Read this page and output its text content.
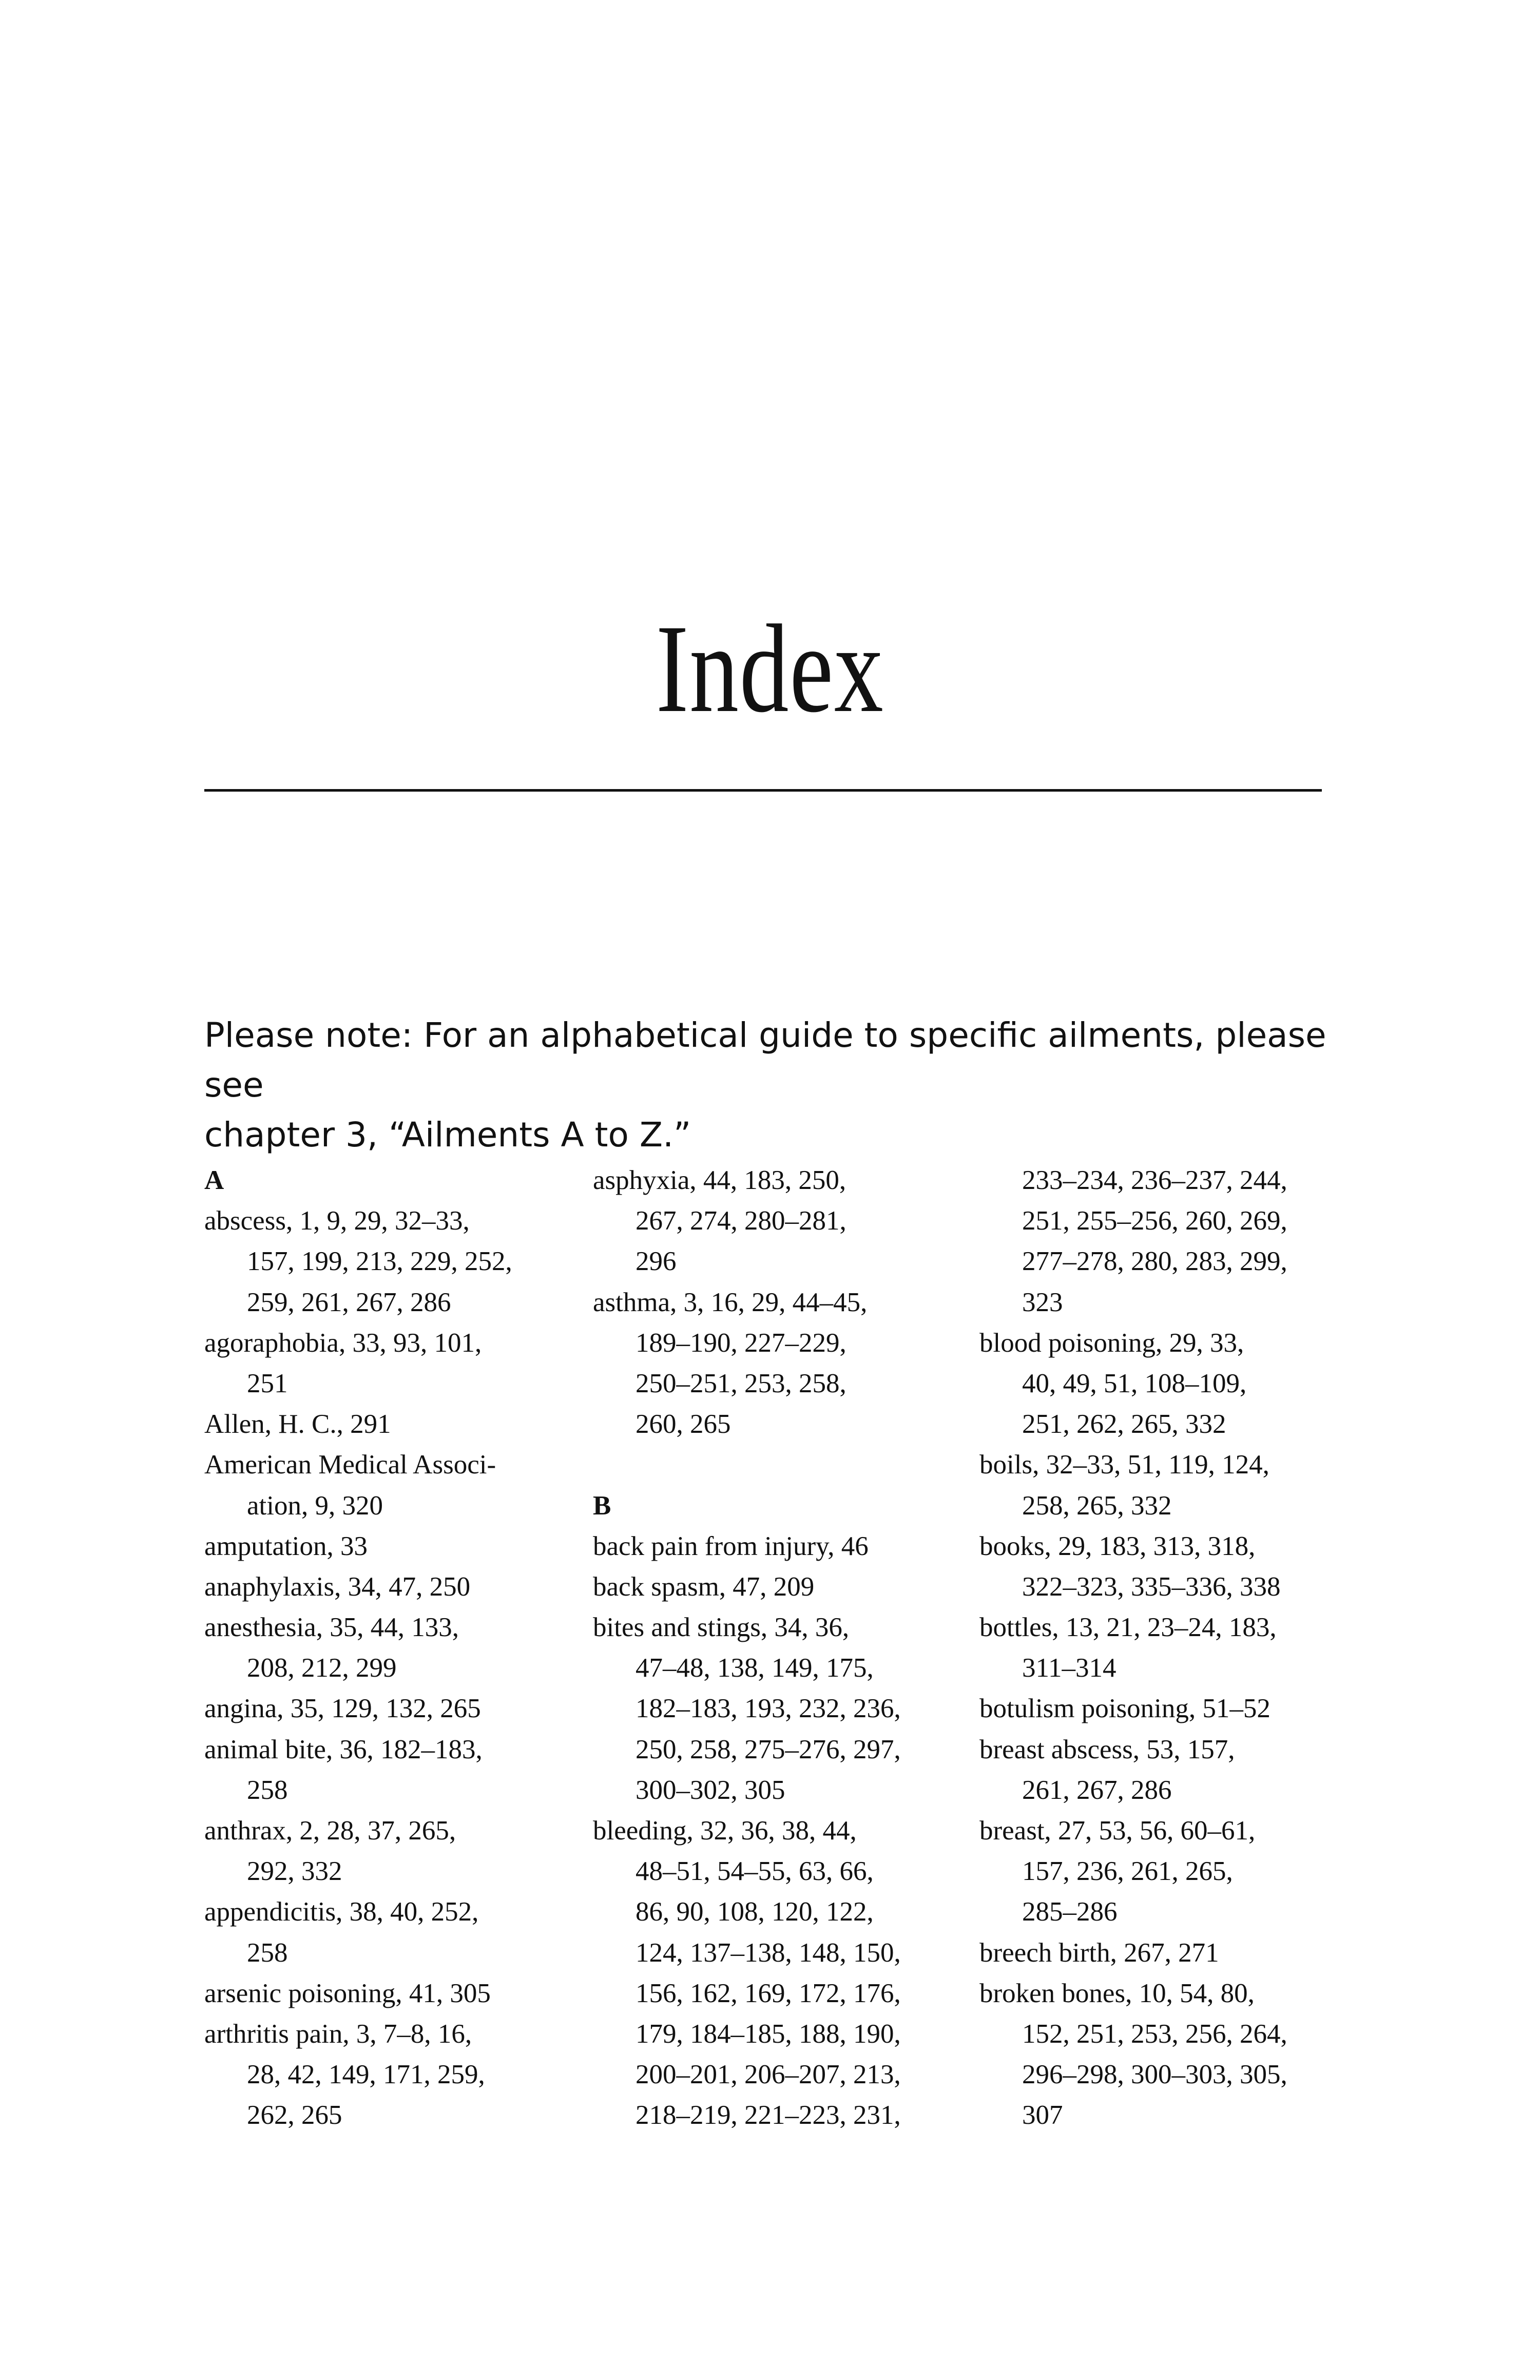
Index
Please note: For an alphabetical guide to specific ailments, please see
chapter 3, “Ailments A to Z.”
A
abscess, 1, 9, 29, 32–33,
157, 199, 213, 229, 252,
259, 261, 267, 286
agoraphobia, 33, 93, 101,
251
Allen, H. C., 291
American Medical Associ-
ation, 9, 320
amputation, 33
anaphylaxis, 34, 47, 250
anesthesia, 35, 44, 133,
208, 212, 299
angina, 35, 129, 132, 265
animal bite, 36, 182–183,
258
anthrax, 2, 28, 37, 265,
292, 332
appendicitis, 38, 40, 252,
258
arsenic poisoning, 41, 305
arthritis pain, 3, 7–8, 16,
28, 42, 149, 171, 259,
262, 265
asphyxia, 44, 183, 250,
267, 274, 280–281,
296
asthma, 3, 16, 29, 44–45,
189–190, 227–229,
250–251, 253, 258,
260, 265
B
back pain from injury, 46
back spasm, 47, 209
bites and stings, 34, 36,
47–48, 138, 149, 175,
182–183, 193, 232, 236,
250, 258, 275–276, 297,
300–302, 305
bleeding, 32, 36, 38, 44,
48–51, 54–55, 63, 66,
86, 90, 108, 120, 122,
124, 137–138, 148, 150,
156, 162, 169, 172, 176,
179, 184–185, 188, 190,
200–201, 206–207, 213,
218–219, 221–223, 231,
233–234, 236–237, 244,
251, 255–256, 260, 269,
277–278, 280, 283, 299,
323
blood poisoning, 29, 33,
40, 49, 51, 108–109,
251, 262, 265, 332
boils, 32–33, 51, 119, 124,
258, 265, 332
books, 29, 183, 313, 318,
322–323, 335–336, 338
bottles, 13, 21, 23–24, 183,
311–314
botulism poisoning, 51–52
breast abscess, 53, 157,
261, 267, 286
breast, 27, 53, 56, 60–61,
157, 236, 261, 265,
285–286
breech birth, 267, 271
broken bones, 10, 54, 80,
152, 251, 253, 256, 264,
296–298, 300–303, 305,
307
